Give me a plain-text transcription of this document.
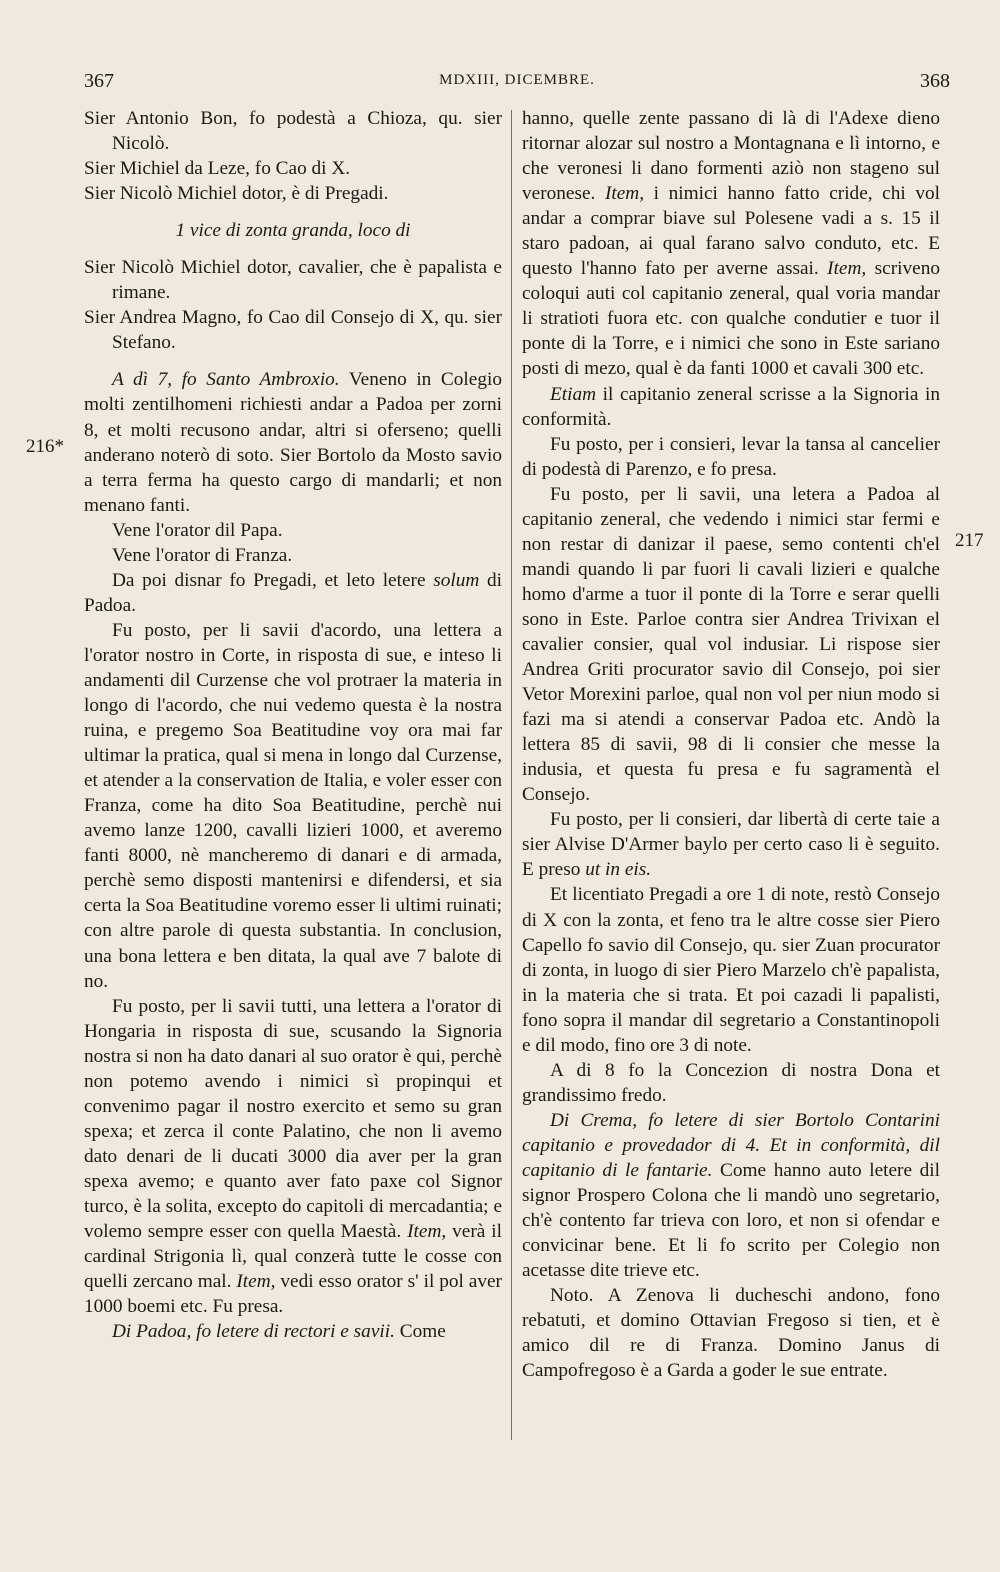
367	MDXIII, DICEMBRE.	368
216*
217

Sier Antonio Bon, fo podestà a Chioza, qu. sier Nicolò.

Sier Michiel da Leze, fo Cao di X.

Sier Nicolò Michiel dotor, è di Pregadi.

1 vice di zonta granda, loco di

Sier Nicolò Michiel dotor, cavalier, che è papalista e rimane.

Sier Andrea Magno, fo Cao dil Consejo di X, qu. sier Stefano.

A dì 7, fo Santo Ambroxio. Veneno in Colegio molti zentilhomeni richiesti andar a Padoa per zorni 8, et molti recusono andar, altri si oferseno; quelli anderano noterò di soto. Sier Bortolo da Mosto savio a terra ferma ha questo cargo di mandarli; et non menano fanti.

Vene l'orator dil Papa.

Vene l'orator di Franza.

Da poi disnar fo Pregadi, et leto letere solum di Padoa.

Fu posto, per li savii d'acordo, una lettera a l'orator nostro in Corte, in risposta di sue, e inteso li andamenti dil Curzense che vol protraer la materia in longo di l'acordo, che nui vedemo questa è la nostra ruina, e pregemo Soa Beatitudine voy ora mai far ultimar la pratica, qual si mena in longo dal Curzense, et atender a la conservation de Italia, e voler esser con Franza, come ha dito Soa Beatitudine, perchè nui avemo lanze 1200, cavalli lizieri 1000, et averemo fanti 8000, nè mancheremo di danari e di armada, perchè semo disposti mantenirsi e difendersi, et sia certa la Soa Beatitudine voremo esser li ultimi ruinati; con altre parole di questa substantia. In conclusion, una bona lettera e ben ditata, la qual ave 7 balote di no.

Fu posto, per li savii tutti, una lettera a l'orator di Hongaria in risposta di sue, scusando la Signoria nostra si non ha dato danari al suo orator è qui, perchè non potemo avendo i nimici sì propinqui et convenimo pagar il nostro exercito et semo su gran spexa; et zerca il conte Palatino, che non li avemo dato denari de li ducati 3000 dia aver per la gran spexa avemo; e quanto aver fato paxe col Signor turco, è la solita, excepto do capitoli di mercadantia; e volemo sempre esser con quella Maestà. Item, verà il cardinal Strigonia lì, qual conzerà tutte le cosse con quelli zercano mal. Item, vedi esso orator s' il pol aver 1000 boemi etc. Fu presa.

Di Padoa, fo letere di rectori e savii. Come

hanno, quelle zente passano di là di l'Adexe dieno ritornar alozar sul nostro a Montagnana e lì intorno, e che veronesi li dano formenti aziò non stageno sul veronese. Item, i nimici hanno fatto cride, chi vol andar a comprar biave sul Polesene vadi a s. 15 il staro padoan, ai qual farano salvo conduto, etc. E questo l'hanno fato per averne assai. Item, scriveno coloqui auti col capitanio zeneral, qual voria mandar li stratioti fuora etc. con qualche condutier e tuor il ponte di la Torre, e i nimici che sono in Este sariano posti di mezo, qual è da fanti 1000 et cavali 300 etc.

Etiam il capitanio zeneral scrisse a la Signoria in conformità.

Fu posto, per i consieri, levar la tansa al cancelier di podestà di Parenzo, e fo presa.

Fu posto, per li savii, una letera a Padoa al capitanio zeneral, che vedendo i nimici star fermi e non restar di danizar il paese, semo contenti ch'el mandi quando li par fuori li cavali lizieri e qualche homo d'arme a tuor il ponte di la Torre e serar quelli sono in Este. Parloe contra sier Andrea Trivixan el cavalier consier, qual vol indusiar. Li rispose sier Andrea Griti procurator savio dil Consejo, poi sier Vetor Morexini parloe, qual non vol per niun modo si fazi ma si atendi a conservar Padoa etc. Andò la lettera 85 di savii, 98 di li consier che messe la indusia, et questa fu presa e fu sagramentà el Consejo.

Fu posto, per li consieri, dar libertà di certe taie a sier Alvise D'Armer baylo per certo caso li è seguito. E preso ut in eis.

Et licentiato Pregadi a ore 1 di note, restò Consejo di X con la zonta, et feno tra le altre cosse sier Piero Capello fo savio dil Consejo, qu. sier Zuan procurator di zonta, in luogo di sier Piero Marzelo ch'è papalista, in la materia che si trata. Et poi cazadi li papalisti, fono sopra il mandar dil segretario a Constantinopoli e dil modo, fino ore 3 di note.

A di 8 fo la Concezion di nostra Dona et grandissimo fredo.

Di Crema, fo letere di sier Bortolo Contarini capitanio e provedador di 4. Et in conformità, dil capitanio di le fantarie. Come hanno auto letere dil signor Prospero Colona che li mandò uno segretario, ch'è contento far trieva con loro, et non si ofendar e convicinar bene. Et li fo scrito per Colegio non acetasse dite trieve etc.

Noto. A Zenova li ducheschi andono, fono rebatuti, et domino Ottavian Fregoso si tien, et è amico dil re di Franza. Domino Janus di Campofregoso è a Garda a goder le sue entrate.
